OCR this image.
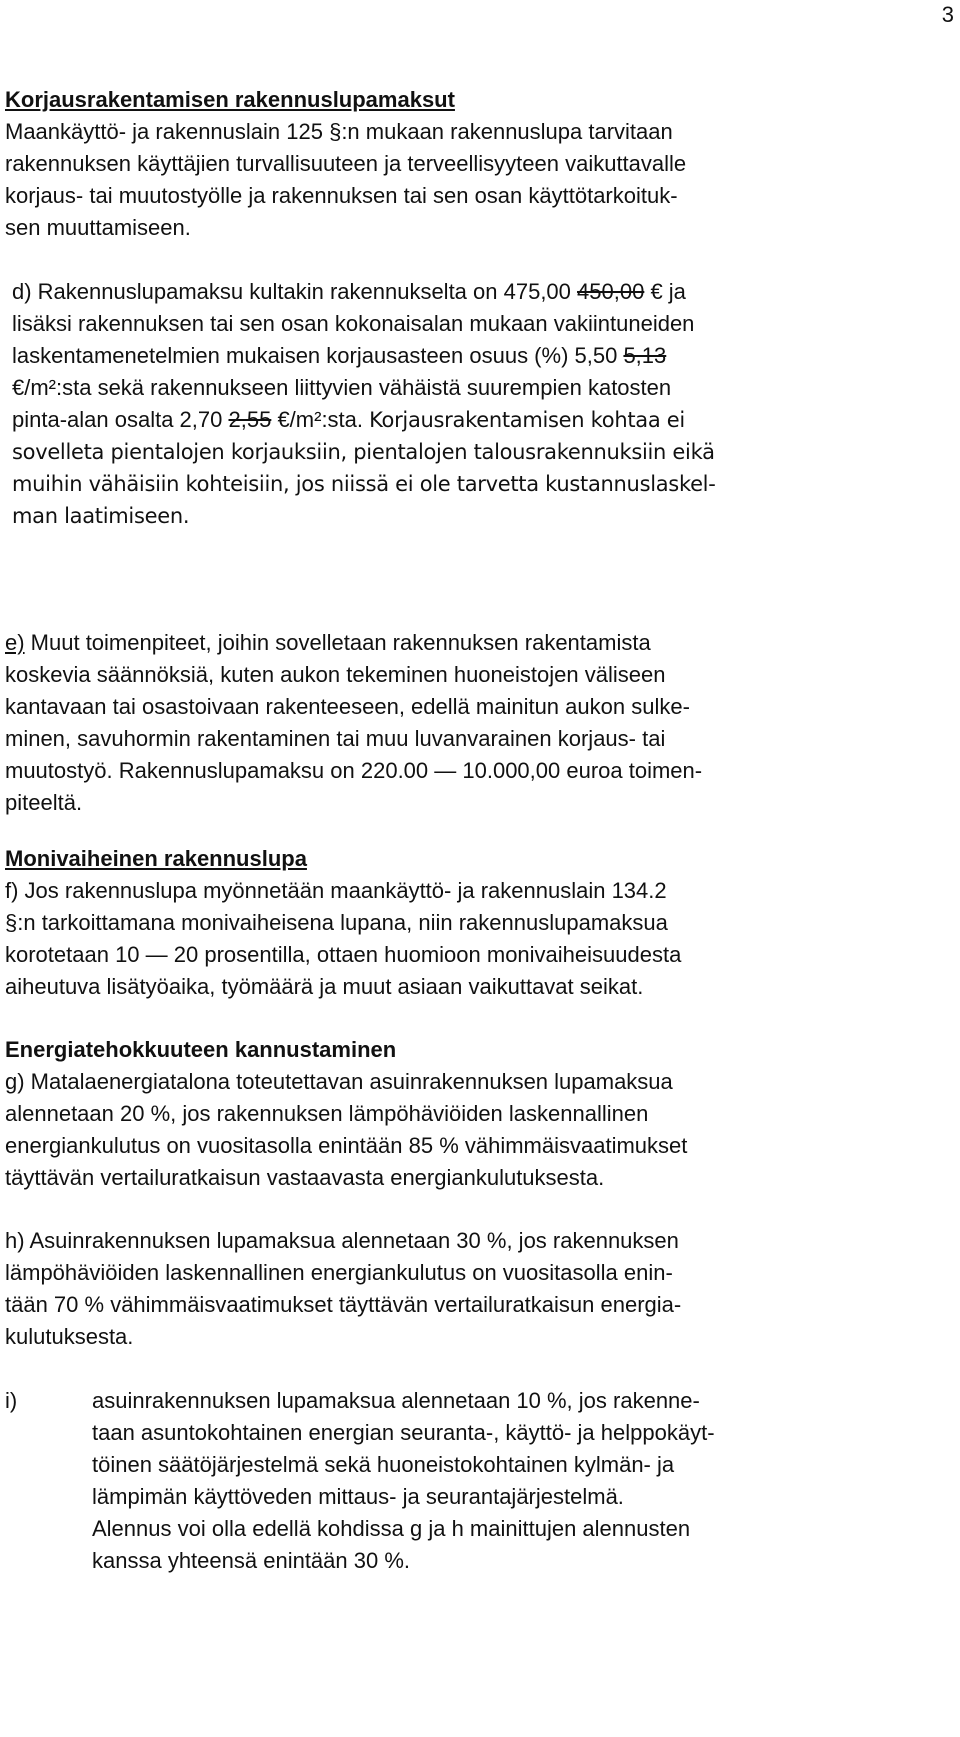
3
Korjausrakentamisen rakennuslupamaksut
Maankäyttö- ja rakennuslain 125 §:n mukaan rakennuslupa tarvitaan
rakennuksen käyttäjien turvallisuuteen ja terveellisyyteen vaikuttavalle
korjaus- tai muutostyölle ja rakennuksen tai sen osan käyttötarkoituk-
sen muuttamiseen.
d) Rakennuslupamaksu kultakin rakennukselta on 475,00 450,00 € ja
lisäksi rakennuksen tai sen osan kokonaisalan mukaan vakiintuneiden
laskentamenetelmien mukaisen korjausasteen osuus (%) 5,50 5,13
€/m²:sta sekä rakennukseen liittyvien vähäistä suurempien katosten
pinta-alan osalta 2,70 2,55 €/m²:sta. Korjausrakentamisen kohtaa ei
sovelleta pientalojen korjauksiin, pientalojen talousrakennuksiin eikä
muihin vähäisiin kohteisiin, jos niissä ei ole tarvetta kustannuslaskel-
man laatimiseen.
e) Muut toimenpiteet, joihin sovelletaan rakennuksen rakentamista
koskevia säännöksiä, kuten aukon tekeminen huoneistojen väliseen
kantavaan tai osastoivaan rakenteeseen, edellä mainitun aukon sulke-
minen, savuhormin rakentaminen tai muu luvanvarainen korjaus- tai
muutostyö. Rakennuslupamaksu on 220.00 — 10.000,00 euroa toimen-
piteeltä.
Monivaiheinen rakennuslupa
f) Jos rakennuslupa myönnetään maankäyttö- ja rakennuslain 134.2
§:n tarkoittamana monivaiheisena lupana, niin rakennuslupamaksua
korotetaan 10 — 20 prosentilla, ottaen huomioon monivaiheisuudesta
aiheutuva lisätyöaika, työmäärä ja muut asiaan vaikuttavat seikat.
Energiatehokkuuteen kannustaminen
g) Matalaenergiatalona toteutettavan asuinrakennuksen lupamaksua
alennetaan 20 %, jos rakennuksen lämpöhäviöiden laskennallinen
energiankulutus on vuositasolla enintään 85 % vähimmäisvaatimukset
täyttävän vertailuratkaisun vastaavasta energiankulutuksesta.
h) Asuinrakennuksen lupamaksua alennetaan 30 %, jos rakennuksen
lämpöhäviöiden laskennallinen energiankulutus on vuositasolla enin-
tään 70 % vähimmäisvaatimukset täyttävän vertailuratkaisun energia-
kulutuksesta.
i)	asuinrakennuksen lupamaksua alennetaan 10 %, jos rakenne-
taan asuntokohtainen energian seuranta-, käyttö- ja helppokäyt-
töinen säätöjärjestelmä sekä huoneistokohtainen kylmän- ja
lämpimän käyttöveden mittaus- ja seurantajärjestelmä.
Alennus voi olla edellä kohdissa g ja h mainittujen alennusten
kanssa yhteensä enintään 30 %.
